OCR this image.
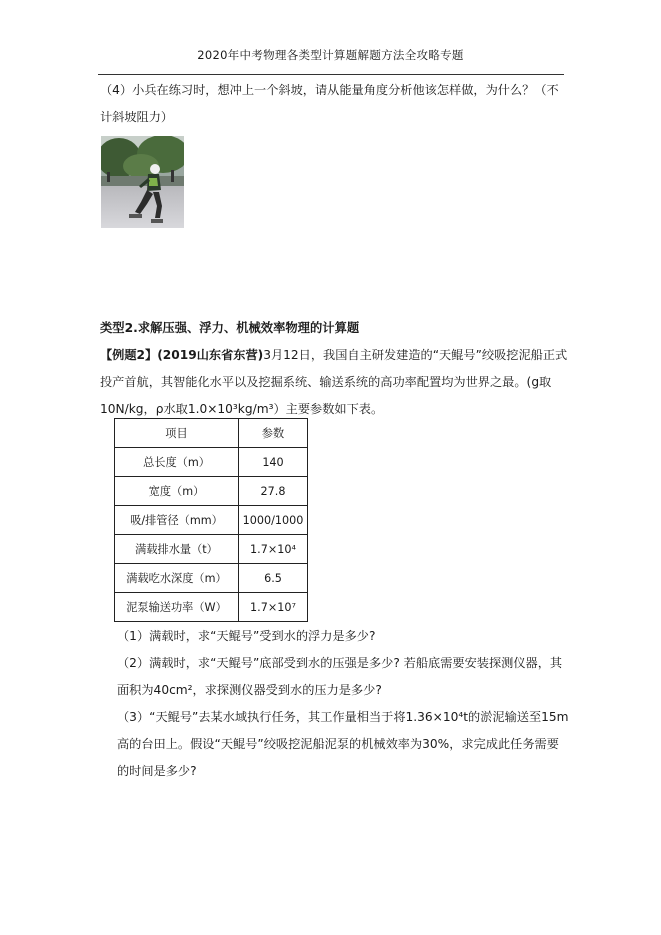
2020年中考物理各类型计算题解题方法全攻略专题
（4）小兵在练习时，想冲上一个斜坡，请从能量角度分析他该怎样做，为什么？（不计斜坡阻力）
类型2.求解压强、浮力、机械效率物理的计算题
【例题2】(2019山东省东营)3月12日，我国自主研发建造的“天鲲号”绞吸挖泥船正式投产首航，其智能化水平以及挖掘系统、输送系统的高功率配置均为世界之最。(g取10N/kg，ρ水取1.0×10³kg/m³）主要参数如下表。
项目	参数
总长度（m）	140
宽度（m）	27.8
吸/排管径（mm）	1000/1000
满载排水量（t）	1.7×10⁴
满载吃水深度（m）	6.5
泥泵输送功率（W）	1.7×10⁷

（1）满载时，求“天鲲号”受到水的浮力是多少?

（2）满载时，求“天鲲号”底部受到水的压强是多少? 若船底需要安装探测仪器，其面积为40cm²，求探测仪器受到水的压力是多少?

（3）“天鲲号”去某水域执行任务，其工作量相当于将1.36×10⁴t的淤泥输送至15m高的台田上。假设“天鲲号”绞吸挖泥船泥泵的机械效率为30%，求完成此任务需要的时间是多少?
